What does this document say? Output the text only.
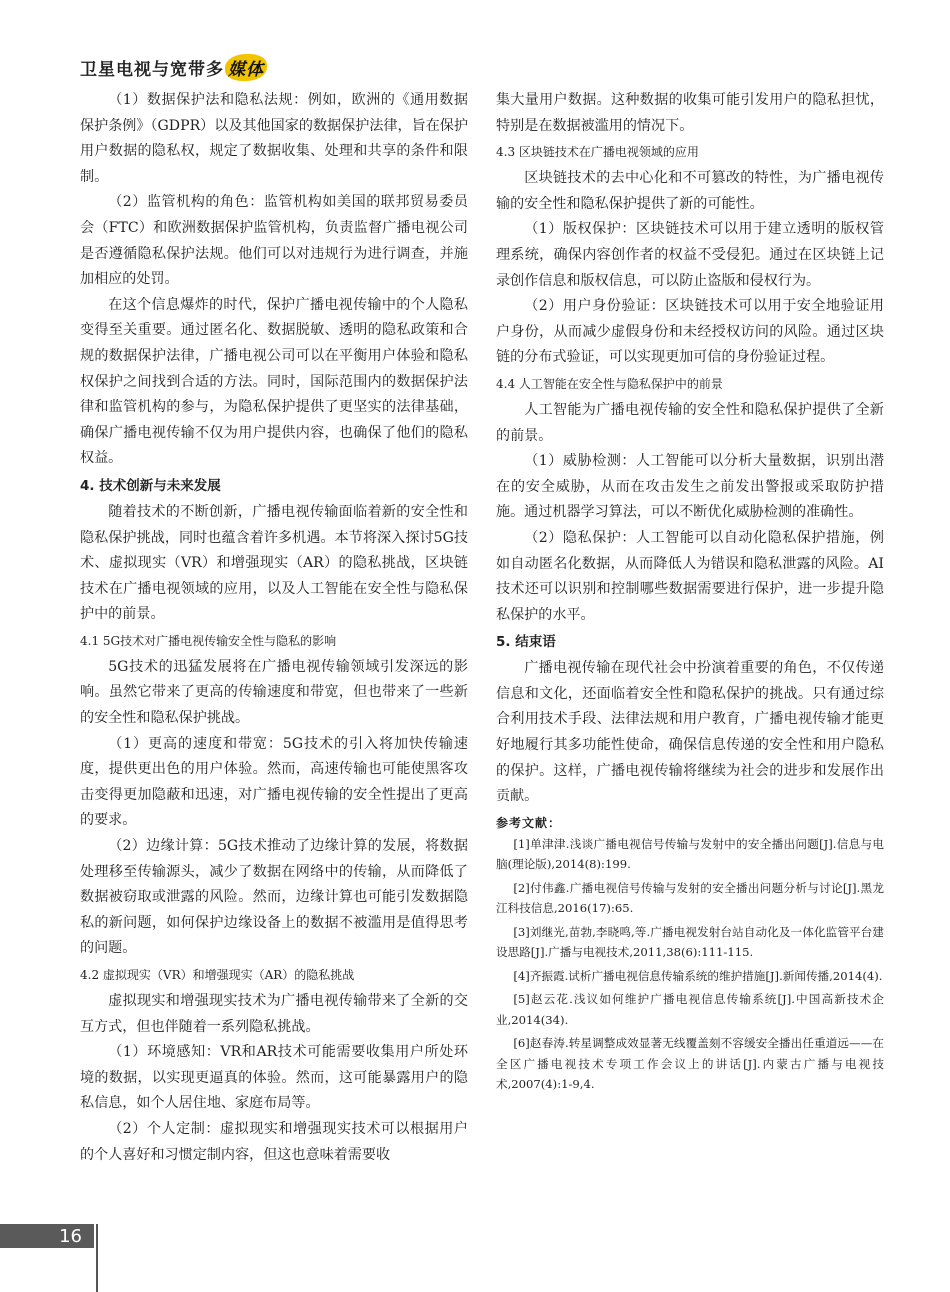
卫星电视与宽带多 媒体

（1）数据保护法和隐私法规：例如，欧洲的《通用数据保护条例》（GDPR）以及其他国家的数据保护法律，旨在保护用户数据的隐私权，规定了数据收集、处理和共享的条件和限制。

（2）监管机构的角色：监管机构如美国的联邦贸易委员会（FTC）和欧洲数据保护监管机构，负责监督广播电视公司是否遵循隐私保护法规。他们可以对违规行为进行调查，并施加相应的处罚。

在这个信息爆炸的时代，保护广播电视传输中的个人隐私变得至关重要。通过匿名化、数据脱敏、透明的隐私政策和合规的数据保护法律，广播电视公司可以在平衡用户体验和隐私权保护之间找到合适的方法。同时，国际范围内的数据保护法律和监管机构的参与，为隐私保护提供了更坚实的法律基础，确保广播电视传输不仅为用户提供内容，也确保了他们的隐私权益。

4. 技术创新与未来发展

随着技术的不断创新，广播电视传输面临着新的安全性和隐私保护挑战，同时也蕴含着许多机遇。本节将深入探讨5G技术、虚拟现实（VR）和增强现实（AR）的隐私挑战，区块链技术在广播电视领域的应用，以及人工智能在安全性与隐私保护中的前景。

4.1 5G技术对广播电视传输安全性与隐私的影响

5G技术的迅猛发展将在广播电视传输领域引发深远的影响。虽然它带来了更高的传输速度和带宽，但也带来了一些新的安全性和隐私保护挑战。

（1）更高的速度和带宽：5G技术的引入将加快传输速度，提供更出色的用户体验。然而，高速传输也可能使黑客攻击变得更加隐蔽和迅速，对广播电视传输的安全性提出了更高的要求。

（2）边缘计算：5G技术推动了边缘计算的发展，将数据处理移至传输源头，减少了数据在网络中的传输，从而降低了数据被窃取或泄露的风险。然而，边缘计算也可能引发数据隐私的新问题，如何保护边缘设备上的数据不被滥用是值得思考的问题。

4.2 虚拟现实（VR）和增强现实（AR）的隐私挑战

虚拟现实和增强现实技术为广播电视传输带来了全新的交互方式，但也伴随着一系列隐私挑战。

（1）环境感知：VR和AR技术可能需要收集用户所处环境的数据，以实现更逼真的体验。然而，这可能暴露用户的隐私信息，如个人居住地、家庭布局等。

（2）个人定制：虚拟现实和增强现实技术可以根据用户的个人喜好和习惯定制内容，但这也意味着需要收

集大量用户数据。这种数据的收集可能引发用户的隐私担忧，特别是在数据被滥用的情况下。

4.3 区块链技术在广播电视领域的应用

区块链技术的去中心化和不可篡改的特性，为广播电视传输的安全性和隐私保护提供了新的可能性。

（1）版权保护：区块链技术可以用于建立透明的版权管理系统，确保内容创作者的权益不受侵犯。通过在区块链上记录创作信息和版权信息，可以防止盗版和侵权行为。

（2）用户身份验证：区块链技术可以用于安全地验证用户身份，从而减少虚假身份和未经授权访问的风险。通过区块链的分布式验证，可以实现更加可信的身份验证过程。

4.4 人工智能在安全性与隐私保护中的前景

人工智能为广播电视传输的安全性和隐私保护提供了全新的前景。

（1）威胁检测：人工智能可以分析大量数据，识别出潜在的安全威胁，从而在攻击发生之前发出警报或采取防护措施。通过机器学习算法，可以不断优化威胁检测的准确性。

（2）隐私保护：人工智能可以自动化隐私保护措施，例如自动匿名化数据，从而降低人为错误和隐私泄露的风险。AI技术还可以识别和控制哪些数据需要进行保护，进一步提升隐私保护的水平。

5. 结束语

广播电视传输在现代社会中扮演着重要的角色，不仅传递信息和文化，还面临着安全性和隐私保护的挑战。只有通过综合利用技术手段、法律法规和用户教育，广播电视传输才能更好地履行其多功能性使命，确保信息传递的安全性和用户隐私的保护。这样，广播电视传输将继续为社会的进步和发展作出贡献。

参考文献：
[1]单津津.浅谈广播电视信号传输与发射中的安全播出问题[J].信息与电脑(理论版),2014(8):199.
[2]付伟鑫.广播电视信号传输与发射的安全播出问题分析与讨论[J].黑龙江科技信息,2016(17):65.
[3]刘继光,苗勃,李晓鸣,等.广播电视发射台站自动化及一体化监管平台建设思路[J].广播与电视技术,2011,38(6):111-115.
[4]齐振霞.试析广播电视信息传输系统的维护措施[J].新闻传播,2014(4).
[5]赵云花.浅议如何维护广播电视信息传输系统[J].中国高新技术企业,2014(34).
[6]赵春涛.转星调整成效显著无线覆盖刻不容缓安全播出任重道远——在全区广播电视技术专项工作会议上的讲话[J].内蒙古广播与电视技术,2007(4):1-9,4.
16
